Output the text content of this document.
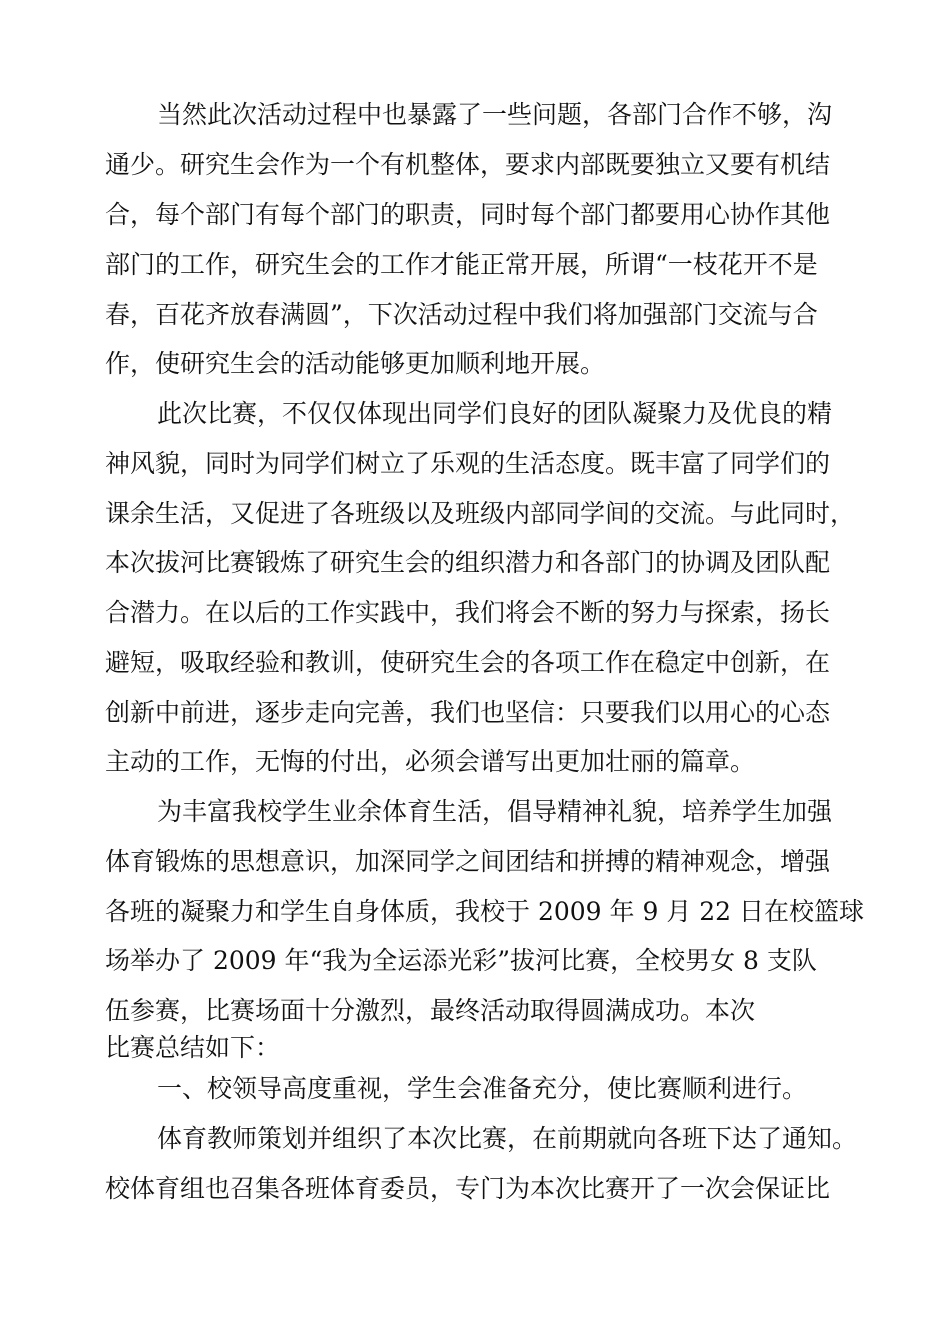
当然此次活动过程中也暴露了一些问题，各部门合作不够，沟
通少。研究生会作为一个有机整体，要求内部既要独立又要有机结
合，每个部门有每个部门的职责，同时每个部门都要用心协作其他
部门的工作，研究生会的工作才能正常开展，所谓“一枝花开不是
春，百花齐放春满圆”，下次活动过程中我们将加强部门交流与合
作，使研究生会的活动能够更加顺利地开展。
此次比赛，不仅仅体现出同学们良好的团队凝聚力及优良的精
神风貌，同时为同学们树立了乐观的生活态度。既丰富了同学们的
课余生活，又促进了各班级以及班级内部同学间的交流。与此同时，
本次拔河比赛锻炼了研究生会的组织潜力和各部门的协调及团队配
合潜力。在以后的工作实践中，我们将会不断的努力与探索，扬长
避短，吸取经验和教训，使研究生会的各项工作在稳定中创新，在
创新中前进，逐步走向完善，我们也坚信：只要我们以用心的心态
主动的工作，无悔的付出，必须会谱写出更加壮丽的篇章。
为丰富我校学生业余体育生活，倡导精神礼貌，培养学生加强
体育锻炼的思想意识，加深同学之间团结和拼搏的精神观念，增强
各班的凝聚力和学生自身体质，我校于 2009 年 9 月 22 日在校篮球
场举办了 2009 年“我为全运添光彩”拔河比赛，全校男女 8 支队
伍参赛，比赛场面十分激烈，最终活动取得圆满成功。本次
比赛总结如下：
一、校领导高度重视，学生会准备充分，使比赛顺利进行。
体育教师策划并组织了本次比赛，在前期就向各班下达了通知。
校体育组也召集各班体育委员，专门为本次比赛开了一次会保证比
